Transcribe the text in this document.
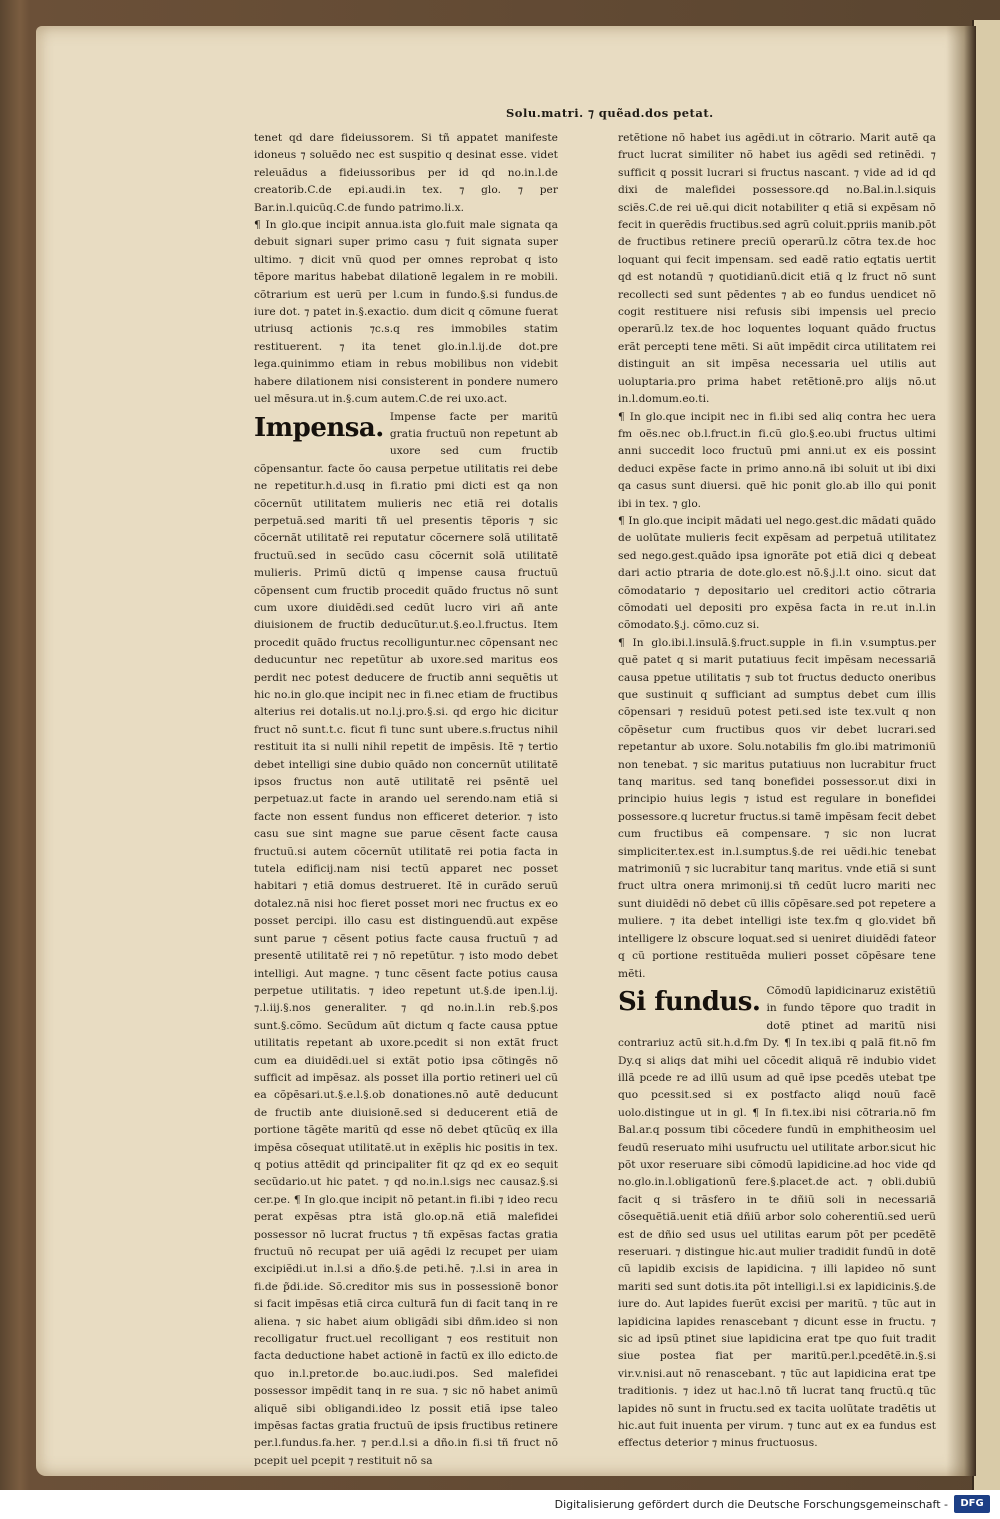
Solu.matri. ⁊ quẽad.dos petat.

tenet qd dare fideiussorem. Si tñ appatet manifeste idoneus ⁊ soluẽdo nec est suspitio q desinat esse. videt releuãdus a fideiussoribus per id qd no.in.l.de creatorib.C.de epi.audi.in tex. ⁊ glo. ⁊ per Bar.in.l.quicũq.C.de fundo patrimo.li.x.

¶ In glo.que incipit annua.ista glo.fuit male signata qa debuit signari super primo casu ⁊ fuit signata super ultimo. ⁊ dicit vnũ quod per omnes reprobat q isto tẽpore maritus habebat dilationẽ legalem in re mobili. cõtrarium est uerũ per l.cum in fundo.§.si fundus.de iure dot. ⁊ patet in.§.exactio. dum dicit q cõmune fuerat utriusq actionis ⁊c.s.q res immobiles statim restituerent. ⁊ ita tenet glo.in.l.ij.de dot.pre lega.quinimmo etiam in rebus mobilibus non videbit habere dilationem nisi consisterent in pondere numero uel mẽsura.ut in.§.cum autem.C.de rei uxo.act.

Impensa. Impense facte per maritũ gratia fructuũ non repetunt ab uxore sed cum fructib cõpensantur. facte õo causa perpetue utilitatis rei debe ne repetitur.h.d.usq in fi.ratio pmi dicti est qa non cõcernũt utilitatem mulieris nec etiã rei dotalis perpetuã.sed mariti tñ uel presentis tẽporis ⁊ sic cõcernãt utilitatẽ rei reputatur cõcernere solã utilitatẽ fructuũ.sed in secũdo casu cõcernit solã utilitatẽ mulieris. Primũ dictũ q impense causa fructuũ cõpensent cum fructib procedit quãdo fructus nõ sunt cum uxore diuidẽdi.sed cedũt lucro viri añ ante diuisionem de fructib deducũtur.ut.§.eo.l.fructus. Item procedit quãdo fructus recolliguntur.nec cõpensant nec deducuntur nec repetũtur ab uxore.sed maritus eos perdit nec potest deducere de fructib anni sequẽtis ut hic no.in glo.que incipit nec in fi.nec etiam de fructibus alterius rei dotalis.ut no.l.j.pro.§.si. qd ergo hic dicitur fruct nõ sunt.t.c. ficut fi tunc sunt ubere.s.fructus nihil restituit ita si nulli nihil repetit de impẽsis. Itẽ ⁊ tertio debet intelligi sine dubio quãdo non concernũt utilitatẽ ipsos fructus non autẽ utilitatẽ rei psẽntẽ uel perpetuaz.ut facte in arando uel serendo.nam etiã si facte non essent fundus non efficeret deterior. ⁊ isto casu sue sint magne sue parue cẽsent facte causa fructuũ.si autem cõcernũt utilitatẽ rei potia facta in tutela edificij.nam nisi tectũ apparet nec posset habitari ⁊ etiã domus destrueret. Itẽ in curãdo seruũ dotalez.nã nisi hoc fieret posset mori nec fructus ex eo posset percipi. illo casu est distinguendũ.aut expẽse sunt parue ⁊ cẽsent potius facte causa fructuũ ⁊ ad presentẽ utilitatẽ rei ⁊ nõ repetũtur. ⁊ isto modo debet intelligi. Aut magne. ⁊ tunc cẽsent facte potius causa perpetue utilitatis. ⁊ ideo repetunt ut.§.de ipen.l.ij. ⁊.l.iij.§.nos generaliter. ⁊ qd no.in.l.in reb.§.pos sunt.§.cõmo. Secũdum aũt dictum q facte causa pptue utilitatis repetant ab uxore.pcedit si non extãt fruct cum ea diuidẽdi.uel si extãt potio ipsa cõtingẽs nõ sufficit ad impẽsaz. als posset illa portio retineri uel cũ ea cõpẽsari.ut.§.e.l.§.ob donationes.nõ autẽ deducunt de fructib ante diuisionẽ.sed si deducerent etiã de portione tãgẽte maritũ qd esse nõ debet qtũcũq ex illa impẽsa cõsequat utilitatẽ.ut in exẽplis hic positis in tex. q potius attẽdit qd principaliter fit qz qd ex eo sequit secũdario.ut hic patet. ⁊ qd no.in.l.sigs nec causaz.§.si cer.pe. ¶ In glo.que incipit nõ petant.in fi.ibi ⁊ ideo recu perat expẽsas ptra istã glo.op.nã etiã malefidei possessor nõ lucrat fructus ⁊ tñ expẽsas factas gratia fructuũ nõ recupat per uiã agẽdi lz recupet per uiam excipiẽdi.ut in.l.si a dño.§.de peti.hẽ. ⁊.l.si in area in fi.de p̃di.ide. Sõ.creditor mis sus in possessionẽ bonor si facit impẽsas etiã circa culturã fun di facit tanq in re aliena. ⁊ sic habet aium obligãdi sibi dñm.ideo si non recolligatur fruct.uel recolligant ⁊ eos restituit non facta deductione habet actionẽ in factũ ex illo edicto.de quo in.l.pretor.de bo.auc.iudi.pos. Sed malefidei possessor impẽdit tanq in re sua. ⁊ sic nõ habet animũ aliquẽ sibi obligandi.ideo lz possit etiã ipse taleo impẽsas factas gratia fructuũ de ipsis fructibus retinere per.l.fundus.fa.her. ⁊ per.d.l.si a dño.in fi.si tñ fruct nõ pcepit uel pcepit ⁊ restituit nõ sa

retẽtione nõ habet ius agẽdi.ut in cõtrario. Marit autẽ qa fruct lucrat similiter nõ habet ius agẽdi sed retinẽdi. ⁊ sufficit q possit lucrari si fructus nascant. ⁊ vide ad id qd dixi de malefidei possessore.qd no.Bal.in.l.siquis sciẽs.C.de rei uẽ.qui dicit notabiliter q etiã si expẽsam nõ fecit in querẽdis fructibus.sed agrũ coluit.ppriis manib.põt de fructibus retinere preciũ operarũ.lz cõtra tex.de hoc loquant qui fecit impensam. sed eadẽ ratio eqtatis uertit qd est notandũ ⁊ quotidianũ.dicit etiã q lz fruct nõ sunt recollecti sed sunt pẽdentes ⁊ ab eo fundus uendicet nõ cogit restituere nisi refusis sibi impensis uel precio operarũ.lz tex.de hoc loquentes loquant quãdo fructus erãt percepti tene mẽti. Si aũt impẽdit circa utilitatem rei distinguit an sit impẽsa necessaria uel utilis aut uoluptaria.pro prima habet retẽtionẽ.pro alijs nõ.ut in.l.domum.eo.ti.

¶ In glo.que incipit nec in fi.ibi sed aliq contra hec uera fm oẽs.nec ob.l.fruct.in fi.cũ glo.§.eo.ubi fructus ultimi anni succedit loco fructuũ pmi anni.ut ex eis possint deduci expẽse facte in primo anno.nã ibi soluit ut ibi dixi qa casus sunt diuersi. quẽ hic ponit glo.ab illo qui ponit ibi in tex. ⁊ glo.

¶ In glo.que incipit mãdati uel nego.gest.dic mãdati quãdo de uolũtate mulieris fecit expẽsam ad perpetuã utilitatez sed nego.gest.quãdo ipsa ignorãte pot etiã dici q debeat dari actio ptraria de dote.glo.est nõ.§.j.l.t oino. sicut dat cõmodatario ⁊ depositario uel creditori actio cõtraria cõmodati uel depositi pro expẽsa facta in re.ut in.l.in cõmodato.§.j. cõmo.cuz si.

¶ In glo.ibi.l.insulã.§.fruct.supple in fi.in v.sumptus.per quẽ patet q si marit putatiuus fecit impẽsam necessariã causa ppetue utilitatis ⁊ sub tot fructus deducto oneribus que sustinuit q sufficiant ad sumptus debet cum illis cõpensari ⁊ residuũ potest peti.sed iste tex.vult q non cõpẽsetur cum fructibus quos vir debet lucrari.sed repetantur ab uxore. Solu.notabilis fm glo.ibi matrimoniũ non tenebat. ⁊ sic maritus putatiuus non lucrabitur fruct tanq maritus. sed tanq bonefidei possessor.ut dixi in principio huius legis ⁊ istud est regulare in bonefidei possessore.q lucretur fructus.si tamẽ impẽsam fecit debet cum fructibus eã compensare. ⁊ sic non lucrat simpliciter.tex.est in.l.sumptus.§.de rei uẽdi.hic tenebat matrimoniũ ⁊ sic lucrabitur tanq maritus. vnde etiã si sunt fruct ultra onera mrimonij.si tñ cedũt lucro mariti nec sunt diuidẽdi nõ debet cũ illis cõpẽsare.sed pot repetere a muliere. ⁊ ita debet intelligi iste tex.fm q glo.videt bñ intelligere lz obscure loquat.sed si ueniret diuidẽdi fateor q cũ portione restituẽda mulieri posset cõpẽsare tene mẽti.

Si fundus. Cõmodũ lapidicinaruz existẽtiũ in fundo tẽpore quo tradit in dotẽ ptinet ad maritũ nisi contrariuz actũ sit.h.d.fm Dy. ¶ In tex.ibi q palã fit.nõ fm Dy.q si aliqs dat mihi uel cõcedit aliquã rẽ indubio videt illã pcede re ad illũ usum ad quẽ ipse pcedẽs utebat tpe quo pcessit.sed si ex postfacto aliqd nouũ facẽ uolo.distingue ut in gl. ¶ In fi.tex.ibi nisi cõtraria.nõ fm Bal.ar.q possum tibi cõcedere fundũ in emphitheosim uel feudũ reseruato mihi usufructu uel utilitate arbor.sicut hic põt uxor reseruare sibi cõmodũ lapidicine.ad hoc vide qd no.glo.in.l.obligationũ fere.§.placet.de act. ⁊ obli.dubiũ facit q si trãsfero in te dñiũ soli in necessariã cõsequẽtiã.uenit etiã dñiũ arbor solo coherentiũ.sed uerũ est de dñio sed usus uel utilitas earum põt per pcedẽtẽ reseruari. ⁊ distingue hic.aut mulier tradidit fundũ in dotẽ cũ lapidib excisis de lapidicina. ⁊ illi lapideo nõ sunt mariti sed sunt dotis.ita põt intelligi.l.si ex lapidicinis.§.de iure do. Aut lapides fuerũt excisi per maritũ. ⁊ tũc aut in lapidicina lapides renascebant ⁊ dicunt esse in fructu. ⁊ sic ad ipsũ ptinet siue lapidicina erat tpe quo fuit tradit siue postea fiat per maritũ.per.l.pcedẽtẽ.in.§.si vir.v.nisi.aut nõ renascebant. ⁊ tũc aut lapidicina erat tpe traditionis. ⁊ idez ut hac.l.nõ tñ lucrat tanq fructũ.q tũc lapides nõ sunt in fructu.sed ex tacita uolũtate tradẽtis ut hic.aut fuit inuenta per virum. ⁊ tunc aut ex ea fundus est effectus deterior ⁊ minus fructuosus.

Digitalisierung gefördert durch die Deutsche Forschungsgemeinschaft -	DFG
